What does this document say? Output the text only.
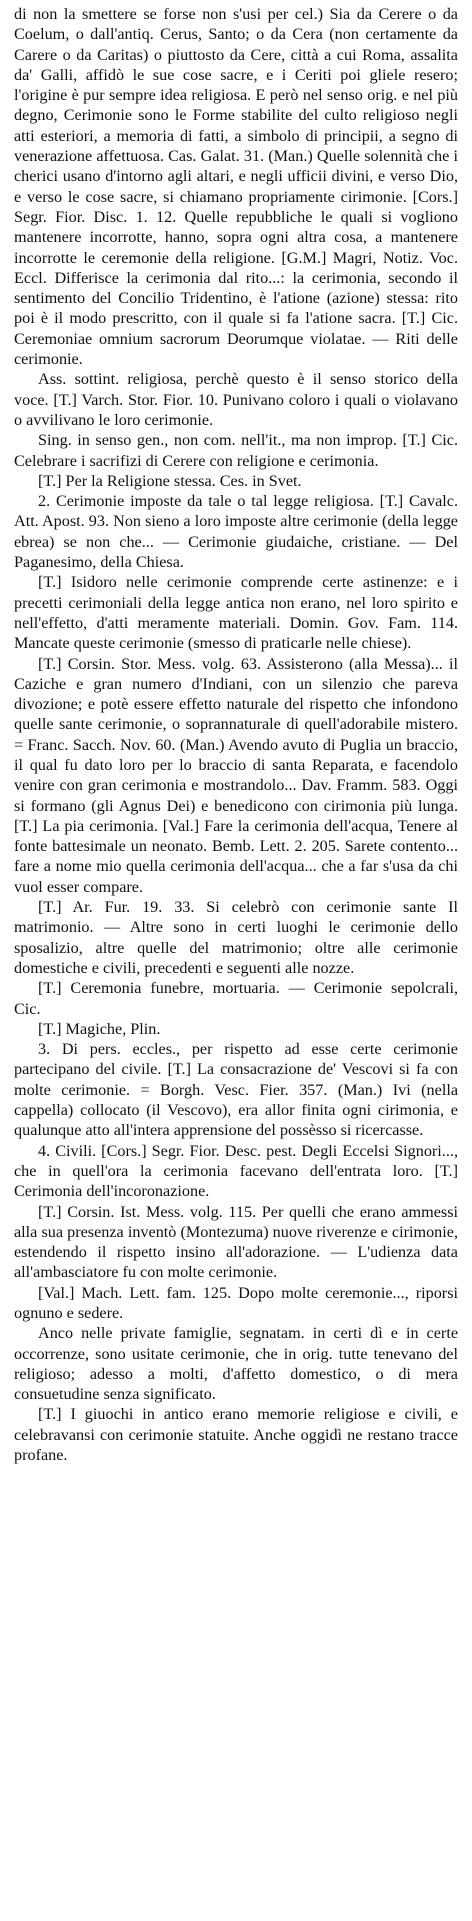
di non la smettere se forse non s'usi per cel.) Sia da Cerere o da Coelum, o dall'antiq. Cerus, Santo; o da Cera (non certamente da Carere o da Caritas) o piuttosto da Cere, città a cui Roma, assalita da' Galli, affidò le sue cose sacre, e i Ceriti poi gliele resero; l'origine è pur sempre idea religiosa. E però nel senso orig. e nel più degno, Cerimonie sono le Forme stabilite del culto religioso negli atti esteriori, a memoria di fatti, a simbolo di principii, a segno di venerazione affettuosa. Cas. Galat. 31. (Man.) Quelle solennità che i cherici usano d'intorno agli altari, e negli ufficii divini, e verso Dio, e verso le cose sacre, si chiamano propriamente cirimonie. [Cors.] Segr. Fior. Disc. 1. 12. Quelle repubbliche le quali si vogliono mantenere incorrotte, hanno, sopra ogni altra cosa, a mantenere incorrotte le ceremonie della religione. [G.M.] Magri, Notiz. Voc. Eccl. Differisce la cerimonia dal rito...: la cerimonia, secondo il sentimento del Concilio Tridentino, è l'atione (azione) stessa: rito poi è il modo prescritto, con il quale si fa l'atione sacra. [T.] Cic. Ceremoniae omnium sacrorum Deorumque violatae. — Riti delle cerimonie.

Ass. sottint. religiosa, perchè questo è il senso storico della voce. [T.] Varch. Stor. Fior. 10. Punivano coloro i quali o violavano o avvilivano le loro cerimonie.

Sing. in senso gen., non com. nell'it., ma non improp. [T.] Cic. Celebrare i sacrifizi di Cerere con religione e cerimonia.

[T.] Per la Religione stessa. Ces. in Svet.

2. Cerimonie imposte da tale o tal legge religiosa. [T.] Cavalc. Att. Apost. 93. Non sieno a loro imposte altre cerimonie (della legge ebrea) se non che... — Cerimonie giudaiche, cristiane. — Del Paganesimo, della Chiesa.

[T.] Isidoro nelle cerimonie comprende certe astinenze: e i precetti cerimoniali della legge antica non erano, nel loro spirito e nell'effetto, d'atti meramente materiali. Domin. Gov. Fam. 114. Mancate queste cerimonie (smesso di praticarle nelle chiese).

[T.] Corsin. Stor. Mess. volg. 63. Assisterono (alla Messa)... il Caziche e gran numero d'Indiani, con un silenzio che pareva divozione; e potè essere effetto naturale del rispetto che infondono quelle sante cerimonie, o soprannaturale di quell'adorabile mistero. = Franc. Sacch. Nov. 60. (Man.) Avendo avuto di Puglia un braccio, il qual fu dato loro per lo braccio di santa Reparata, e facendolo venire con gran cerimonia e mostrandolo... Dav. Framm. 583. Oggi si formano (gli Agnus Dei) e benedicono con cirimonia più lunga. [T.] La pia cerimonia. [Val.] Fare la cerimonia dell'acqua, Tenere al fonte battesimale un neonato. Bemb. Lett. 2. 205. Sarete contento... fare a nome mio quella cerimonia dell'acqua... che a far s'usa da chi vuol esser compare.

[T.] Ar. Fur. 19. 33. Si celebrò con cerimonie sante Il matrimonio. — Altre sono in certi luoghi le cerimonie dello sposalizio, altre quelle del matrimonio; oltre alle cerimonie domestiche e civili, precedenti e seguenti alle nozze.

[T.] Ceremonia funebre, mortuaria. — Cerimonie sepolcrali, Cic.

[T.] Magiche, Plin.

3. Di pers. eccles., per rispetto ad esse certe cerimonie partecipano del civile. [T.] La consacrazione de' Vescovi si fa con molte cerimonie. = Borgh. Vesc. Fier. 357. (Man.) Ivi (nella cappella) collocato (il Vescovo), era allor finita ogni cirimonia, e qualunque atto all'intera apprensione del possèsso si ricercasse.

4. Civili. [Cors.] Segr. Fior. Desc. pest. Degli Eccelsi Signori..., che in quell'ora la cerimonia facevano dell'entrata loro. [T.] Cerimonia dell'incoronazione.

[T.] Corsin. Ist. Mess. volg. 115. Per quelli che erano ammessi alla sua presenza inventò (Montezuma) nuove riverenze e cirimonie, estendendo il rispetto insino all'adorazione. — L'udienza data all'ambasciatore fu con molte cerimonie.

[Val.] Mach. Lett. fam. 125. Dopo molte ceremonie..., riporsi ognuno e sedere.

Anco nelle private famiglie, segnatam. in certi dì e in certe occorrenze, sono usitate cerimonie, che in orig. tutte tenevano del religioso; adesso a molti, d'affetto domestico, o di mera consuetudine senza significato.

[T.] I giuochi in antico erano memorie religiose e civili, e celebravansi con cerimonie statuite. Anche oggidì ne restano tracce profane.
